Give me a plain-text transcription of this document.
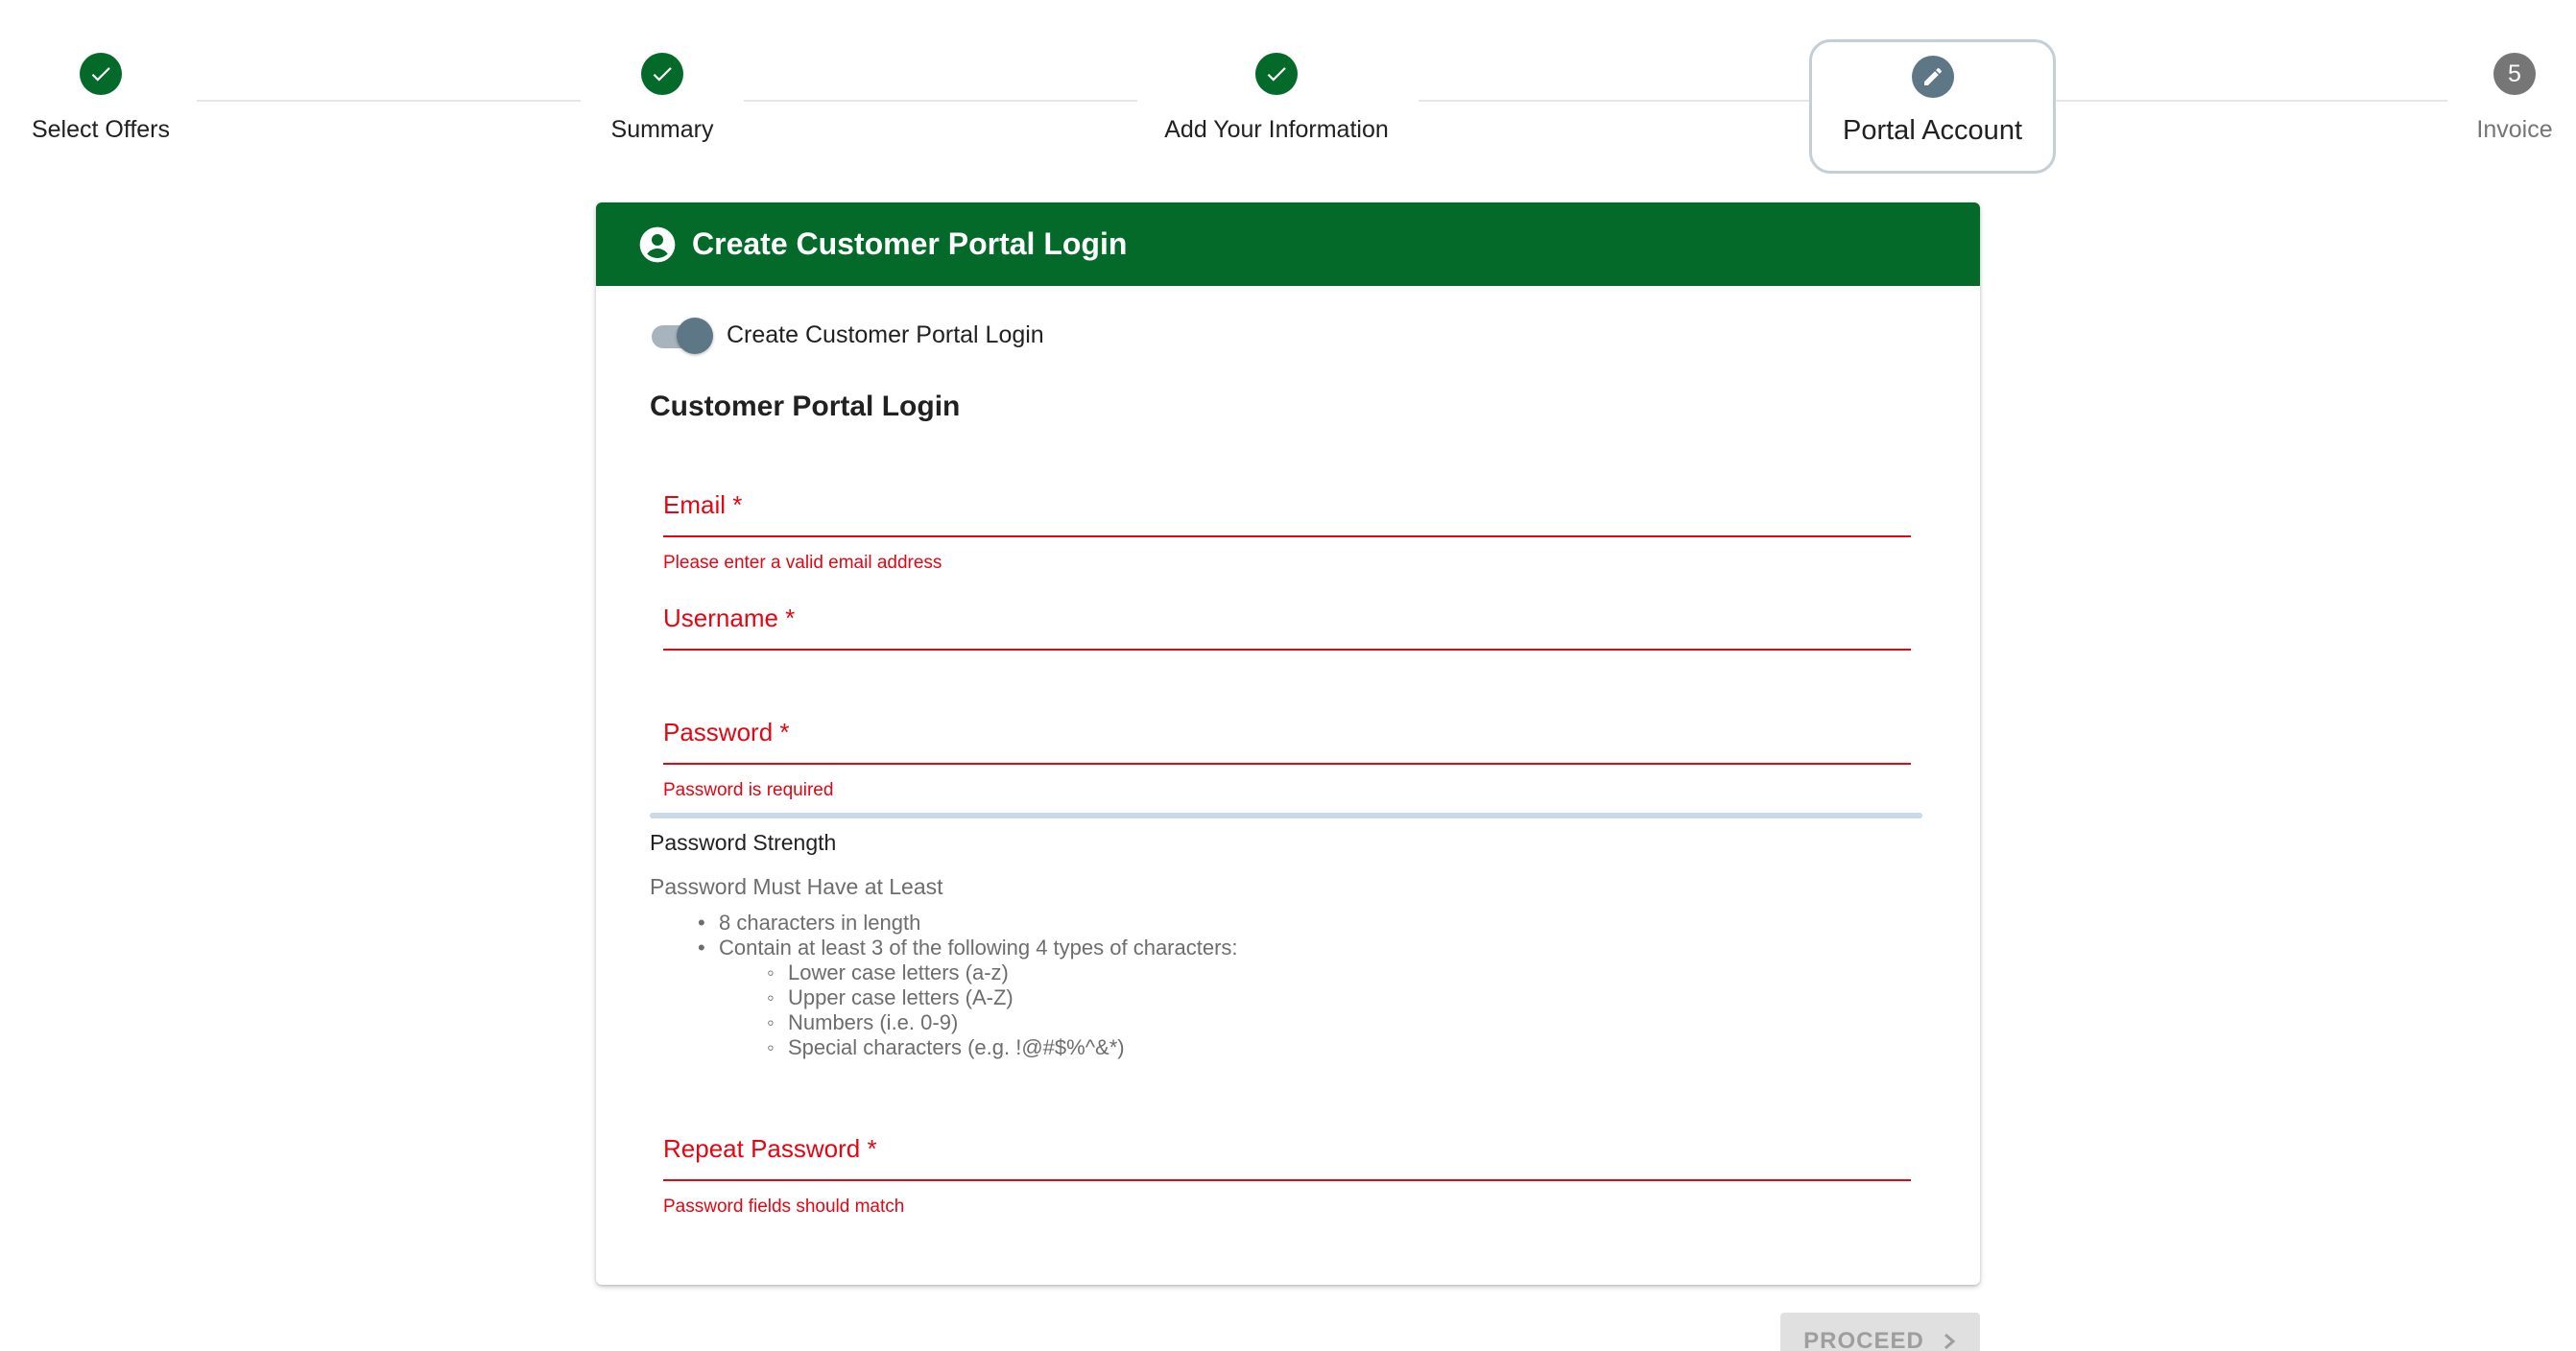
Select Offers	Summary	Add Your Information	Portal Account
5
Invoice
Create Customer Portal Login
Create Customer Portal Login
Customer Portal Login
Email *
Please enter a valid email address
Username *
Password *
Password is required
Password Strength
Password Must Have at Least
• 8 characters in length
• Contain at least 3 of the following 4 types of characters:
◦ Lower case letters (a-z)
◦ Upper case letters (A-Z)
◦ Numbers (i.e. 0-9)
◦ Special characters (e.g. !@#$%^&*)
Repeat Password *
Password fields should match
PROCEED
